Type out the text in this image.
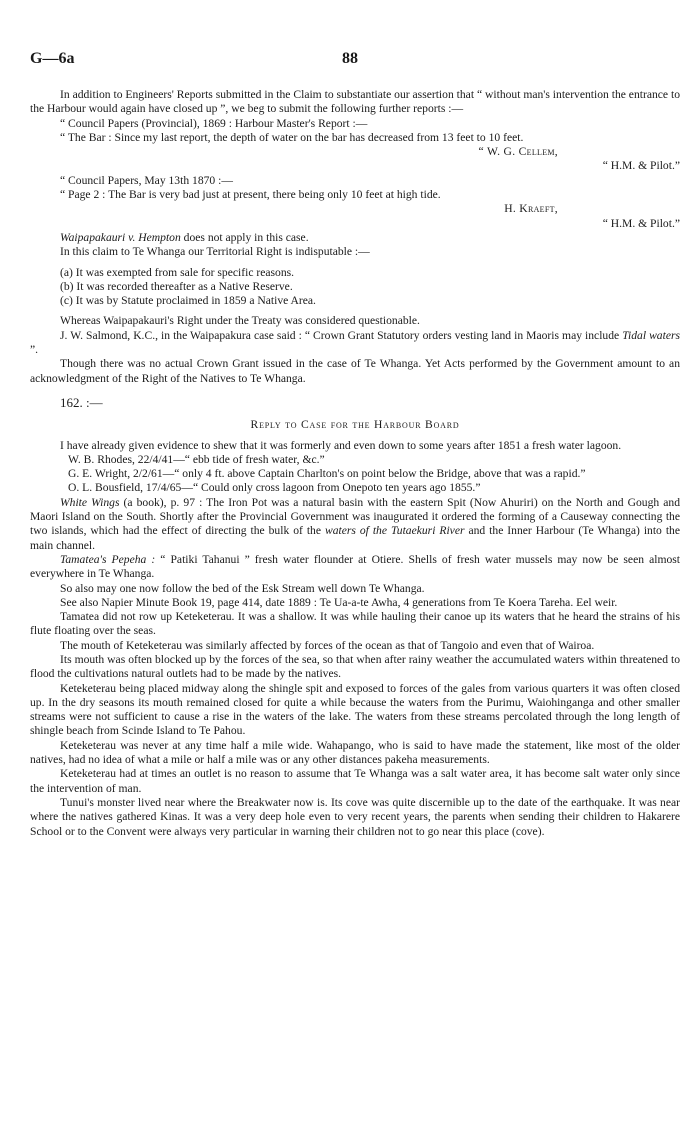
G—6a	88

In addition to Engineers' Reports submitted in the Claim to substantiate our assertion that “ without man's intervention the entrance to the Harbour would again have closed up ”, we beg to submit the following further reports :—

“ Council Papers (Provincial), 1869 : Harbour Master's Report :—

“ The Bar : Since my last report, the depth of water on the bar has decreased from 13 feet to 10 feet.

“ W. G. Cellem,

“ H.M. & Pilot.”

“ Council Papers, May 13th 1870 :—

“ Page 2 : The Bar is very bad just at present, there being only 10 feet at high tide.

H. Kraeft,

“ H.M. & Pilot.”

Waipapakauri v. Hempton does not apply in this case.

In this claim to Te Whanga our Territorial Right is indisputable :—

(a) It was exempted from sale for specific reasons.

(b) It was recorded thereafter as a Native Reserve.

(c) It was by Statute proclaimed in 1859 a Native Area.

Whereas Waipapakauri's Right under the Treaty was considered questionable.

J. W. Salmond, K.C., in the Waipapakura case said : “ Crown Grant Statutory orders vesting land in Maoris may include Tidal waters ”.

Though there was no actual Crown Grant issued in the case of Te Whanga. Yet Acts performed by the Government amount to an acknowledgment of the Right of the Natives to Te Whanga.

162. :—
Reply to Case for the Harbour Board

I have already given evidence to shew that it was formerly and even down to some years after 1851 a fresh water lagoon.

W. B. Rhodes, 22/4/41—“ ebb tide of fresh water, &c.”

G. E. Wright, 2/2/61—“ only 4 ft. above Captain Charlton's on point below the Bridge, above that was a rapid.”

O. L. Bousfield, 17/4/65—“ Could only cross lagoon from Onepoto ten years ago 1855.”

White Wings (a book), p. 97 : The Iron Pot was a natural basin with the eastern Spit (Now Ahuriri) on the North and Gough and Maori Island on the South. Shortly after the Provincial Government was inaugurated it ordered the forming of a Causeway connecting the two islands, which had the effect of directing the bulk of the waters of the Tutaekuri River and the Inner Harbour (Te Whanga) into the main channel.

Tamatea's Pepeha : “ Patiki Tahanui ” fresh water flounder at Otiere. Shells of fresh water mussels may now be seen almost everywhere in Te Whanga.

So also may one now follow the bed of the Esk Stream well down Te Whanga.

See also Napier Minute Book 19, page 414, date 1889 : Te Ua-a-te Awha, 4 generations from Te Koera Tareha. Eel weir.

Tamatea did not row up Keteketerau. It was a shallow. It was while hauling their canoe up its waters that he heard the strains of his flute floating over the seas.

The mouth of Keteketerau was similarly affected by forces of the ocean as that of Tangoio and even that of Wairoa.

Its mouth was often blocked up by the forces of the sea, so that when after rainy weather the accumulated waters within threatened to flood the cultivations natural outlets had to be made by the natives.

Keteketerau being placed midway along the shingle spit and exposed to forces of the gales from various quarters it was often closed up. In the dry seasons its mouth remained closed for quite a while because the waters from the Purimu, Waiohinganga and other smaller streams were not sufficient to cause a rise in the waters of the lake. The waters from these streams percolated through the long length of shingle beach from Scinde Island to Te Pahou.

Keteketerau was never at any time half a mile wide. Wahapango, who is said to have made the statement, like most of the older natives, had no idea of what a mile or half a mile was or any other distances pakeha measurements.

Keteketerau had at times an outlet is no reason to assume that Te Whanga was a salt water area, it has become salt water only since the intervention of man.

Tunui's monster lived near where the Breakwater now is. Its cove was quite discernible up to the date of the earthquake. It was near where the natives gathered Kinas. It was a very deep hole even to very recent years, the parents when sending their children to Hakarere School or to the Convent were always very particular in warning their children not to go near this place (cove).
